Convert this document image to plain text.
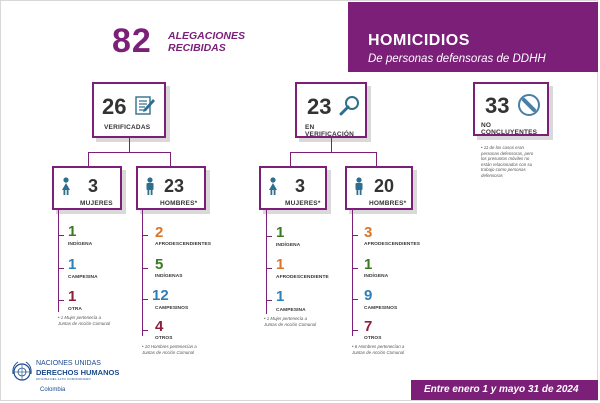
82 ALEGACIONES
RECIBIDAS	HOMICIDIOS
De personas defensoras de DDHH
26
VERIFICADAS
3
MUJERES
23
HOMBRES*
1
INDÍGENA
1
CAMPESINA
1
OTRA
• 1 Mujer pertenecía a
Juntas de Acción Comunal
2
AFRODESCENDIENTES
5
INDÍGENAS
12
CAMPESINOS
4
OTROS
• 10 Hombres pertenecían a
Juntas de Acción Comunal
23
EN VERIFICACIÓN
3
MUJERES*
20
HOMBRES*
1
INDÍGENA
1
AFRODESCENDIENTE
1
CAMPESINA
• 1 Mujer pertenecía a
Juntas de Acción Comunal
3
AFRODESCENDIENTES
1
INDÍGENA
9
CAMPESINOS
7
OTROS
• 6 Hombres pertenecían a
Juntas de Acción Comunal
33
NO CONCLUYENTES
• 11 de los casos eran
personas defensoras, pero
los presuntos móviles no
están relacionados con su
trabajo como personas
defensoras
NACIONES UNIDAS
DERECHOS HUMANOS
OFICINA DEL ALTO COMISIONADO
Colombia	Entre enero 1 y mayo 31 de 2024
